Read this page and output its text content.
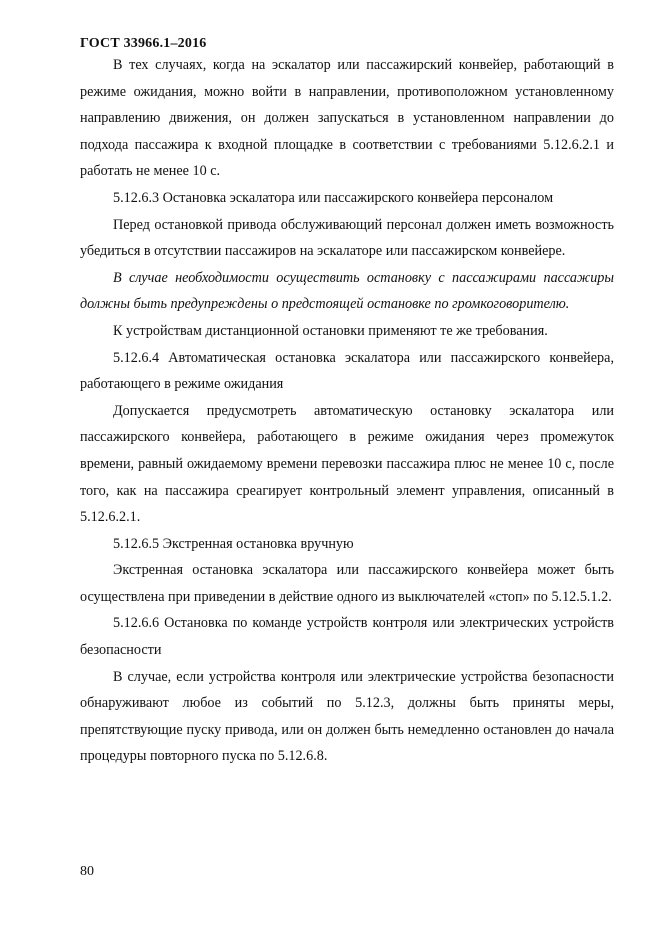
ГОСТ 33966.1–2016

В тех случаях, когда на эскалатор или пассажирский конвейер, работающий в режиме ожидания, можно войти в направлении, противоположном установленному направлению движения, он должен запускаться в установленном направлении до подхода пассажира к входной площадке в соответствии с требованиями 5.12.6.2.1 и работать не менее 10 с.

5.12.6.3 Остановка эскалатора или пассажирского конвейера персоналом

Перед остановкой привода обслуживающий персонал должен иметь возможность убедиться в отсутствии пассажиров на эскалаторе или пассажирском конвейере.

В случае необходимости осуществить остановку с пассажирами пассажиры должны быть предупреждены о предстоящей остановке по громкоговорителю.

К устройствам дистанционной остановки применяют те же требования.

5.12.6.4 Автоматическая остановка эскалатора или пассажирского конвейера, работающего в режиме ожидания

Допускается предусмотреть автоматическую остановку эскалатора или пассажирского конвейера, работающего в режиме ожидания через промежуток времени, равный ожидаемому времени перевозки пассажира плюс не менее 10 с, после того, как на пассажира среагирует контрольный элемент управления, описанный в 5.12.6.2.1.

5.12.6.5 Экстренная остановка вручную

Экстренная остановка эскалатора или пассажирского конвейера может быть осуществлена при приведении в действие одного из выключателей «стоп» по 5.12.5.1.2.

5.12.6.6 Остановка по команде устройств контроля или электрических устройств безопасности

В случае, если устройства контроля или электрические устройства безопасности обнаруживают любое из событий по 5.12.3, должны быть приняты меры, препятствующие пуску привода, или он должен быть немедленно остановлен до начала процедуры повторного пуска по 5.12.6.8.

80
